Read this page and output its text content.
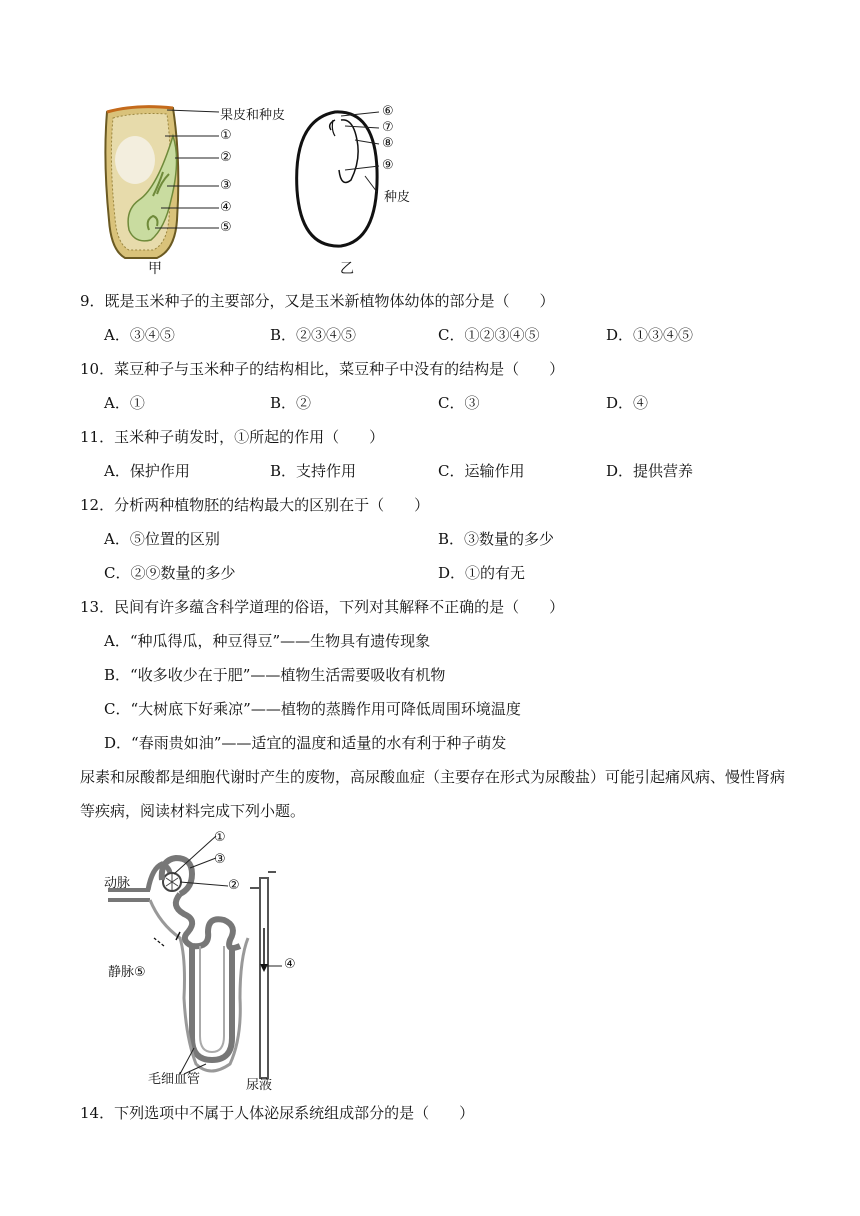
果皮和种皮
①
②
③
④
⑤
甲
⑥
⑦
⑧
⑨
种皮
乙
9．既是玉米种子的主要部分，又是玉米新植物体幼体的部分是（　　）
A．③④⑤	B．②③④⑤	C．①②③④⑤	D．①③④⑤
10．菜豆种子与玉米种子的结构相比，菜豆种子中没有的结构是（　　）
A．①	B．②	C．③	D．④
11．玉米种子萌发时，①所起的作用（　　）
A．保护作用	B．支持作用	C．运输作用	D．提供营养
12．分析两种植物胚的结构最大的区别在于（　　）
A．⑤位置的区别	B．③数量的多少
C．②⑨数量的多少	D．①的有无
13．民间有许多蕴含科学道理的俗语，下列对其解释不正确的是（　　）
A．“种瓜得瓜，种豆得豆”——生物具有遗传现象
B．“收多收少在于肥”——植物生活需要吸收有机物
C．“大树底下好乘凉”——植物的蒸腾作用可降低周围环境温度
D．“春雨贵如油”——适宜的温度和适量的水有利于种子萌发
尿素和尿酸都是细胞代谢时产生的废物，高尿酸血症（主要存在形式为尿酸盐）可能引起痛风病、慢性肾病等疾病，阅读材料完成下列小题。
①
③
②
动脉
静脉⑤
④
毛细血管	尿液
14．下列选项中不属于人体泌尿系统组成部分的是（　　）
